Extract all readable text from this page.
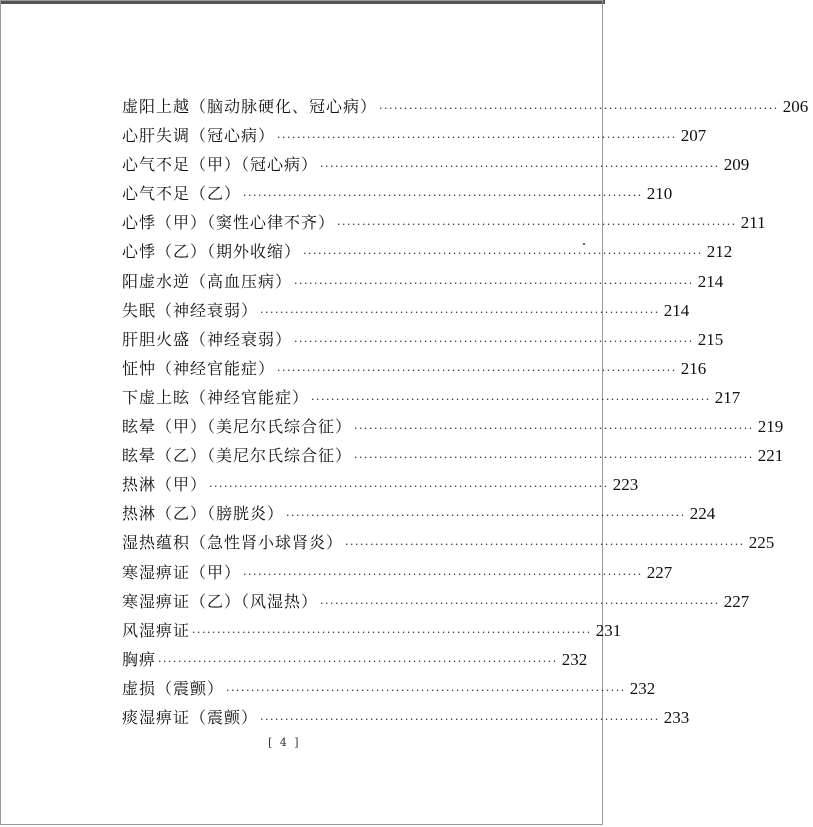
虚阳上越（脑动脉硬化、冠心病） ················································································ 206
心肝失调（冠心病） ················································································ 207
心气不足（甲）（冠心病） ················································································ 209
心气不足（乙） ················································································ 210
心悸（甲）（窦性心律不齐） ················································································ 211
心悸（乙）（期外收缩） ················································································ 212
阳虚水逆（高血压病） ················································································ 214
失眠（神经衰弱） ················································································ 214
肝胆火盛（神经衰弱） ················································································ 215
怔忡（神经官能症） ················································································ 216
下虚上眩（神经官能症） ················································································ 217
眩晕（甲）（美尼尔氏综合征） ················································································ 219
眩晕（乙）（美尼尔氏综合征） ················································································ 221
热淋（甲） ················································································ 223
热淋（乙）（膀胱炎） ················································································ 224
湿热蕴积（急性肾小球肾炎） ················································································ 225
寒湿痹证（甲） ················································································ 227
寒湿痹证（乙）（风湿热） ················································································ 227
风湿痹证 ················································································ 231
胸痹 ················································································ 232
虚损（震颤） ················································································ 232
痰湿痹证（震颤） ················································································ 233
[ 4 ]
